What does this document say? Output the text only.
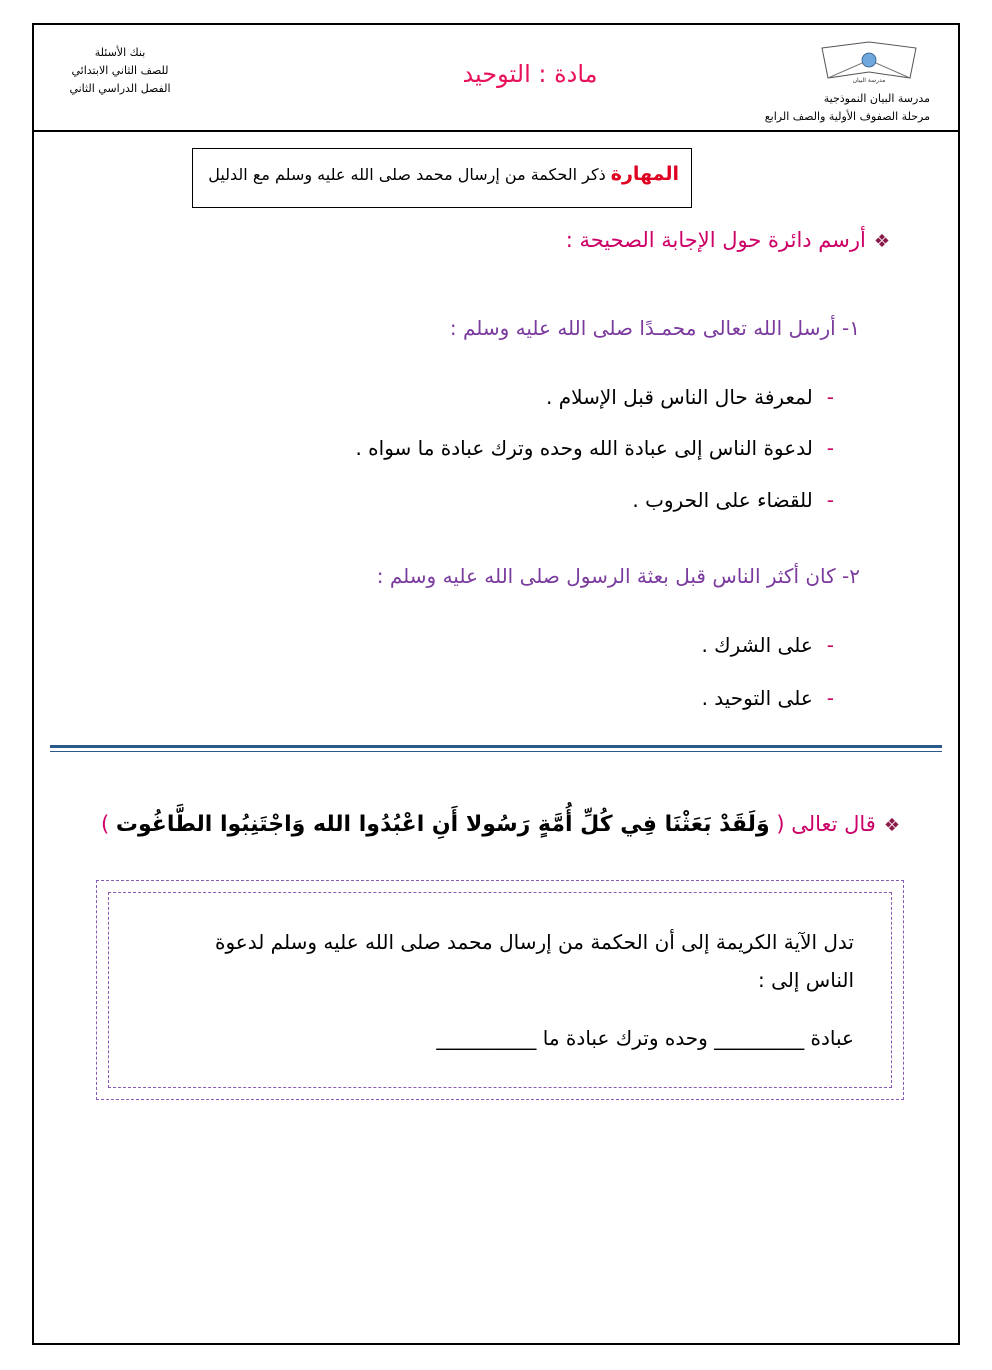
بنك الأسئلة
للصف الثاني الابتدائي
الفصل الدراسي الثاني
مادة : التوحيد	مدرسة البيان
مدرسة البيان النموذجية
مرحلة الصفوف الأولية والصف الرابع
المهارة ذكر الحكمة من إرسال محمد صلى الله عليه وسلم مع الدليل
❖أرسم دائرة حول الإجابة الصحيحة :
١- أرسل الله تعالى محمـدًا صلى الله عليه وسلم :
-لمعرفة حال الناس قبل الإسلام .
-لدعوة الناس إلى عبادة الله وحده وترك عبادة ما سواه .
-للقضاء على الحروب .
٢- كان أكثر الناس قبل بعثة الرسول صلى الله عليه وسلم :
-على الشرك .
-على التوحيد .
❖قال تعالى ( وَلَقَدْ بَعَثْنَا فِي كُلِّ أُمَّةٍ رَسُولا أَنِ اعْبُدُوا الله وَاجْتَنِبُوا الطَّاغُوت )
تدل الآية الكريمة إلى أن الحكمة من إرسال محمد صلى الله عليه وسلم لدعوة
الناس إلى :
عبادة _________ وحده وترك عبادة ما __________
